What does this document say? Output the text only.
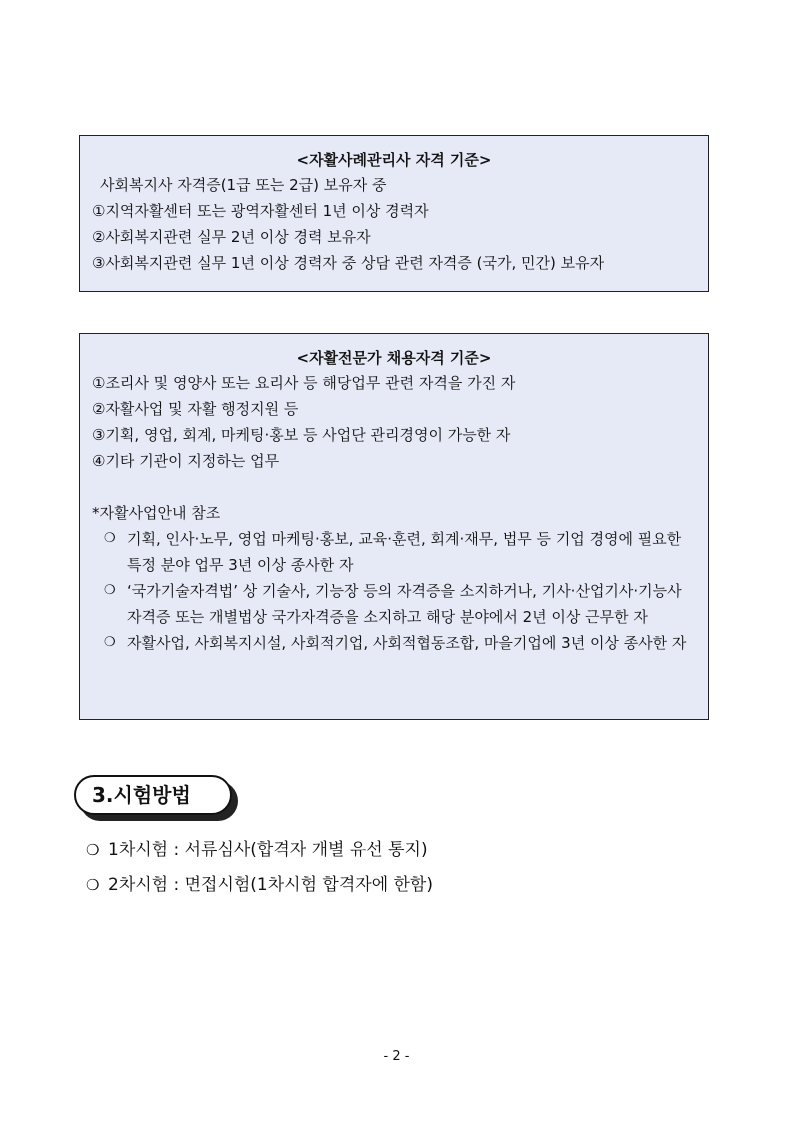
<자활사례관리사 자격 기준>
사회복지사 자격증(1급 또는 2급) 보유자 중
①지역자활센터 또는 광역자활센터 1년 이상 경력자
②사회복지관련 실무 2년 이상 경력 보유자
③사회복지관련 실무 1년 이상 경력자 중 상담 관련 자격증 (국가, 민간) 보유자
<자활전문가 채용자격 기준>
①조리사 및 영양사 또는 요리사 등 해당업무 관련 자격을 가진 자
②자활사업 및 자활 행정지원 등
③기획, 영업, 회계, 마케팅·홍보 등 사업단 관리경영이 가능한 자
④기타 기관이 지정하는 업무
*자활사업안내 참조
❍ 기획, 인사·노무, 영업 마케팅·홍보, 교육·훈련, 회계·재무, 법무 등 기업 경영에 필요한 특정 분야 업무 3년 이상 종사한 자
❍ ‘국가기술자격법’ 상 기술사, 기능장 등의 자격증을 소지하거나, 기사·산업기사·기능사 자격증 또는 개별법상 국가자격증을 소지하고 해당 분야에서 2년 이상 근무한 자
❍ 자활사업, 사회복지시설, 사회적기업, 사회적협동조합, 마을기업에 3년 이상 종사한 자
3.시험방법
❍ 1차시험 : 서류심사(합격자 개별 유선 통지)
❍ 2차시험 : 면접시험(1차시험 합격자에 한함)
- 2 -
